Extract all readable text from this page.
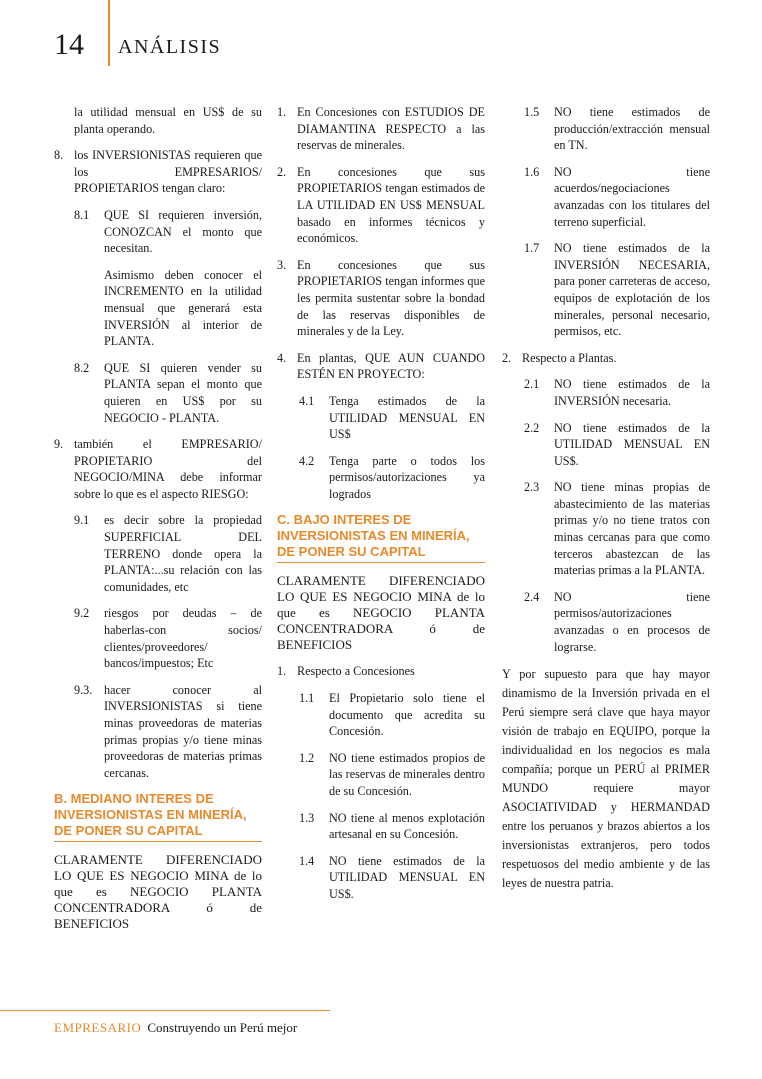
14 ANÁLISIS
la utilidad mensual en US$ de su planta operando.
8. los INVERSIONISTAS requieren que los EMPRESARIOS/ PROPIETARIOS tengan claro:
8.1	QUE SI requieren inversión, CONOZCAN el monto que necesitan.
Asimismo deben conocer el INCREMENTO en la utilidad mensual que generará esta INVERSIÓN al interior de PLANTA.
8.2	QUE SI quieren vender su PLANTA sepan el monto que quieren en US$ por su NEGOCIO - PLANTA.
9. también el EMPRESARIO/ PROPIETARIO del NEGOCIO/MINA debe informar sobre lo que es el aspecto RIESGO:
9.1	es decir sobre la propiedad SUPERFICIAL DEL TERRENO donde opera la PLANTA:...su relación con las comunidades, etc
9.2	riesgos por deudas – de haberlas-con socios/ clientes/proveedores/ bancos/impuestos; Etc
9.3. hacer conocer al INVERSIONISTAS si tiene minas proveedoras de materias primas propias y/o tiene minas proveedoras de materias primas cercanas.
B. MEDIANO INTERES DE INVERSIONISTAS EN MINERÍA, DE PONER SU CAPITAL
CLARAMENTE DIFERENCIADO LO QUE ES NEGOCIO MINA de lo que es NEGOCIO PLANTA CONCENTRADORA ó de BENEFICIOS
1. En Concesiones con ESTUDIOS DE DIAMANTINA RESPECTO a las reservas de minerales.
2. En concesiones que sus PROPIETARIOS tengan estimados de LA UTILIDAD EN US$ MENSUAL basado en informes técnicos y económicos.
3. En concesiones que sus PROPIETARIOS tengan informes que les permita sustentar sobre la bondad de las reservas disponibles de minerales y de la Ley.
4. En plantas, QUE AUN CUANDO ESTÉN EN PROYECTO:
4.1	Tenga estimados de la UTILIDAD MENSUAL EN US$
4.2	Tenga parte o todos los permisos/autorizaciones ya logrados
C. BAJO INTERES DE INVERSIONISTAS EN MINERÍA, DE PONER SU CAPITAL
CLARAMENTE DIFERENCIADO LO QUE ES NEGOCIO MINA de lo que es NEGOCIO PLANTA CONCENTRADORA ó de BENEFICIOS
1. Respecto a Concesiones
1.1	El Propietario solo tiene el documento que acredita su Concesión.
1.2	NO tiene estimados propios de las reservas de minerales dentro de su Concesión.
1.3	NO tiene al menos explotación artesanal en su Concesión.
1.4	NO tiene estimados de la UTILIDAD MENSUAL EN US$.
1.5	NO tiene estimados de producción/extracción mensual en TN.
1.6	NO tiene acuerdos/negociaciones avanzadas con los titulares del terreno superficial.
1.7	NO tiene estimados de la INVERSIÓN NECESARIA, para poner carreteras de acceso, equipos de explotación de los minerales, personal necesario, permisos, etc.
2. Respecto a Plantas.
2.1	NO tiene estimados de la INVERSIÓN necesaria.
2.2	NO tiene estimados de la UTILIDAD MENSUAL EN US$.
2.3	NO tiene minas propias de abastecimiento de las materias primas y/o no tiene tratos con minas cercanas para que como terceros abastezcan de las materias primas a la PLANTA.
2.4	NO tiene permisos/autorizaciones avanzadas o en procesos de lograrse.
Y por supuesto para que hay mayor dinamismo de la Inversión privada en el Perú siempre será clave que haya mayor visión de trabajo en EQUIPO, porque la individualidad en los negocios es mala compañía; porque un PERÚ al PRIMER MUNDO requiere mayor ASOCIATIVIDAD y HERMANDAD entre los peruanos y brazos abiertos a los inversionistas extranjeros, pero todos respetuosos del medio ambiente y de las leyes de nuestra patria.
EMPRESARIO Construyendo un Perú mejor
